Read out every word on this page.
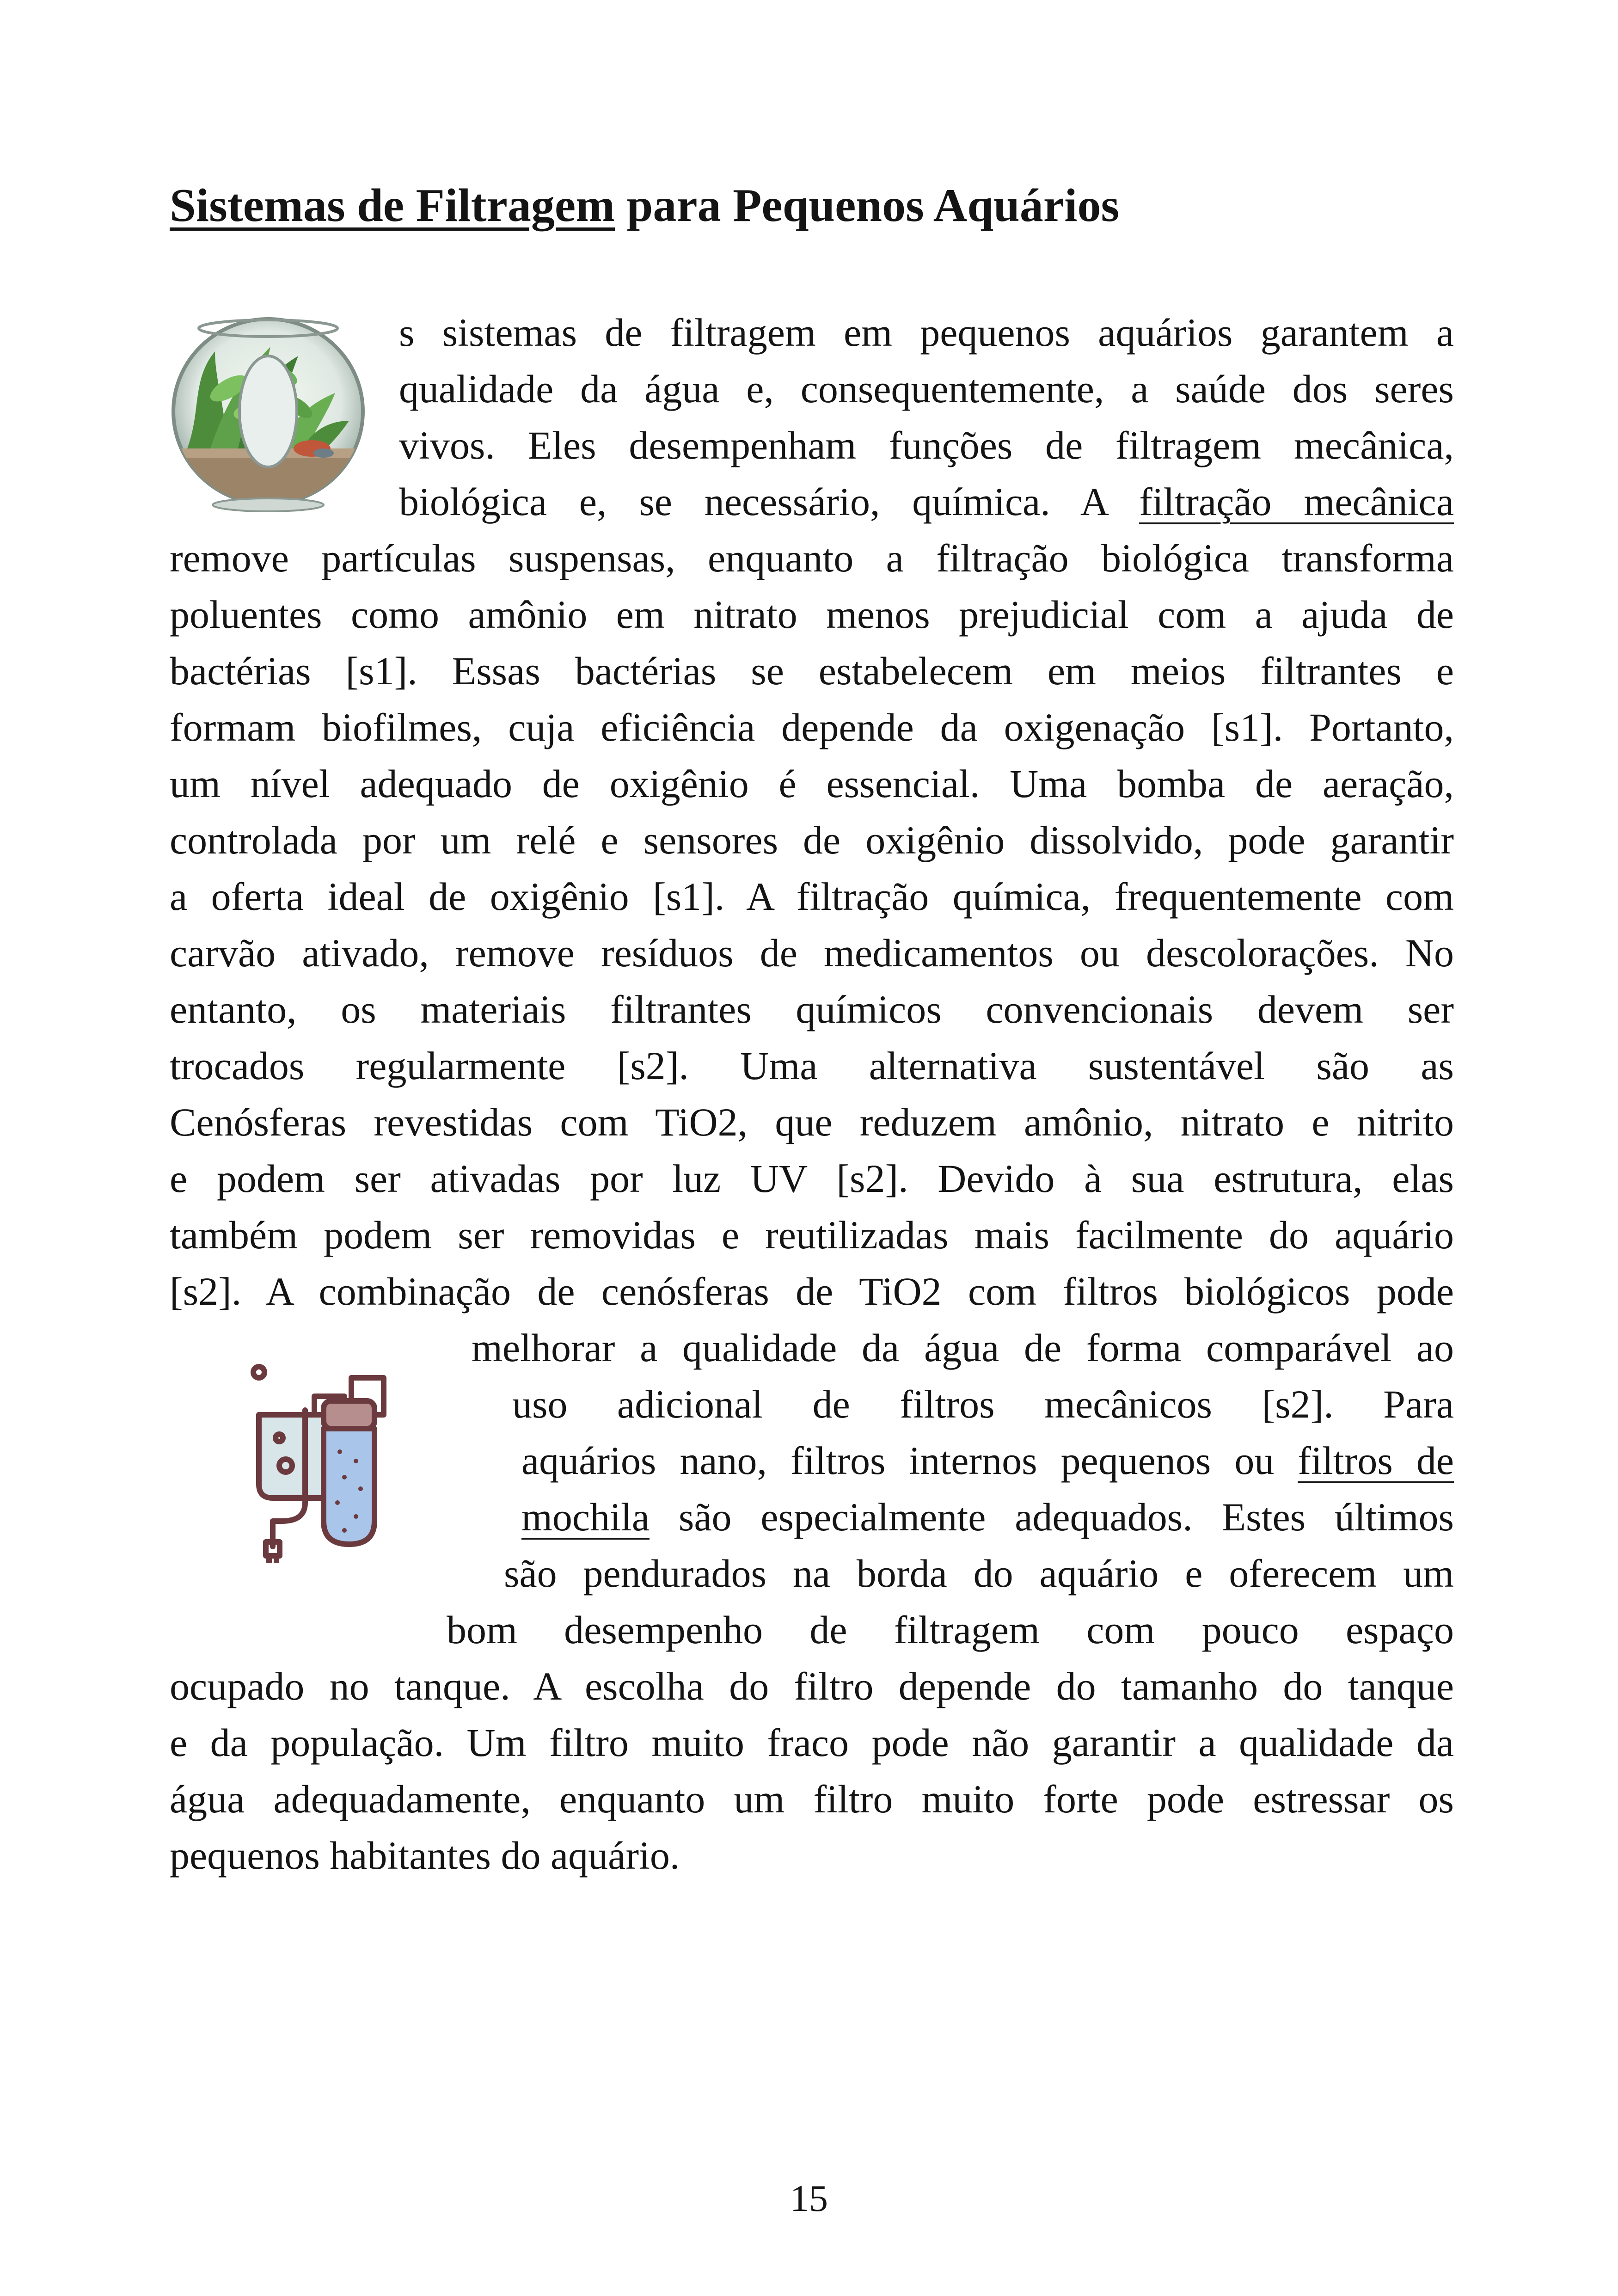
Sistemas de Filtragem para Pequenos Aquários
s sistemas de filtragem em pequenos aquários garantem a
qualidade da água e, consequentemente, a saúde dos seres
vivos. Eles desempenham funções de filtragem mecânica,
biológica e, se necessário, química. A filtração mecânica
remove partículas suspensas, enquanto a filtração biológica transforma
poluentes como amônio em nitrato menos prejudicial com a ajuda de
bactérias [s1]. Essas bactérias se estabelecem em meios filtrantes e
formam biofilmes, cuja eficiência depende da oxigenação [s1]. Portanto,
um nível adequado de oxigênio é essencial. Uma bomba de aeração,
controlada por um relé e sensores de oxigênio dissolvido, pode garantir
a oferta ideal de oxigênio [s1]. A filtração química, frequentemente com
carvão ativado, remove resíduos de medicamentos ou descolorações. No
entanto, os materiais filtrantes químicos convencionais devem ser
trocados regularmente [s2]. Uma alternativa sustentável são as
Cenósferas revestidas com TiO2, que reduzem amônio, nitrato e nitrito
e podem ser ativadas por luz UV [s2]. Devido à sua estrutura, elas
também podem ser removidas e reutilizadas mais facilmente do aquário
[s2]. A combinação de cenósferas de TiO2 com filtros biológicos pode
melhorar a qualidade da água de forma comparável ao
uso adicional de filtros mecânicos [s2]. Para
aquários nano, filtros internos pequenos ou filtros de
mochila são especialmente adequados. Estes últimos
são pendurados na borda do aquário e oferecem um
bom desempenho de filtragem com pouco espaço
ocupado no tanque. A escolha do filtro depende do tamanho do tanque
e da população. Um filtro muito fraco pode não garantir a qualidade da
água adequadamente, enquanto um filtro muito forte pode estressar os
pequenos habitantes do aquário.
15
